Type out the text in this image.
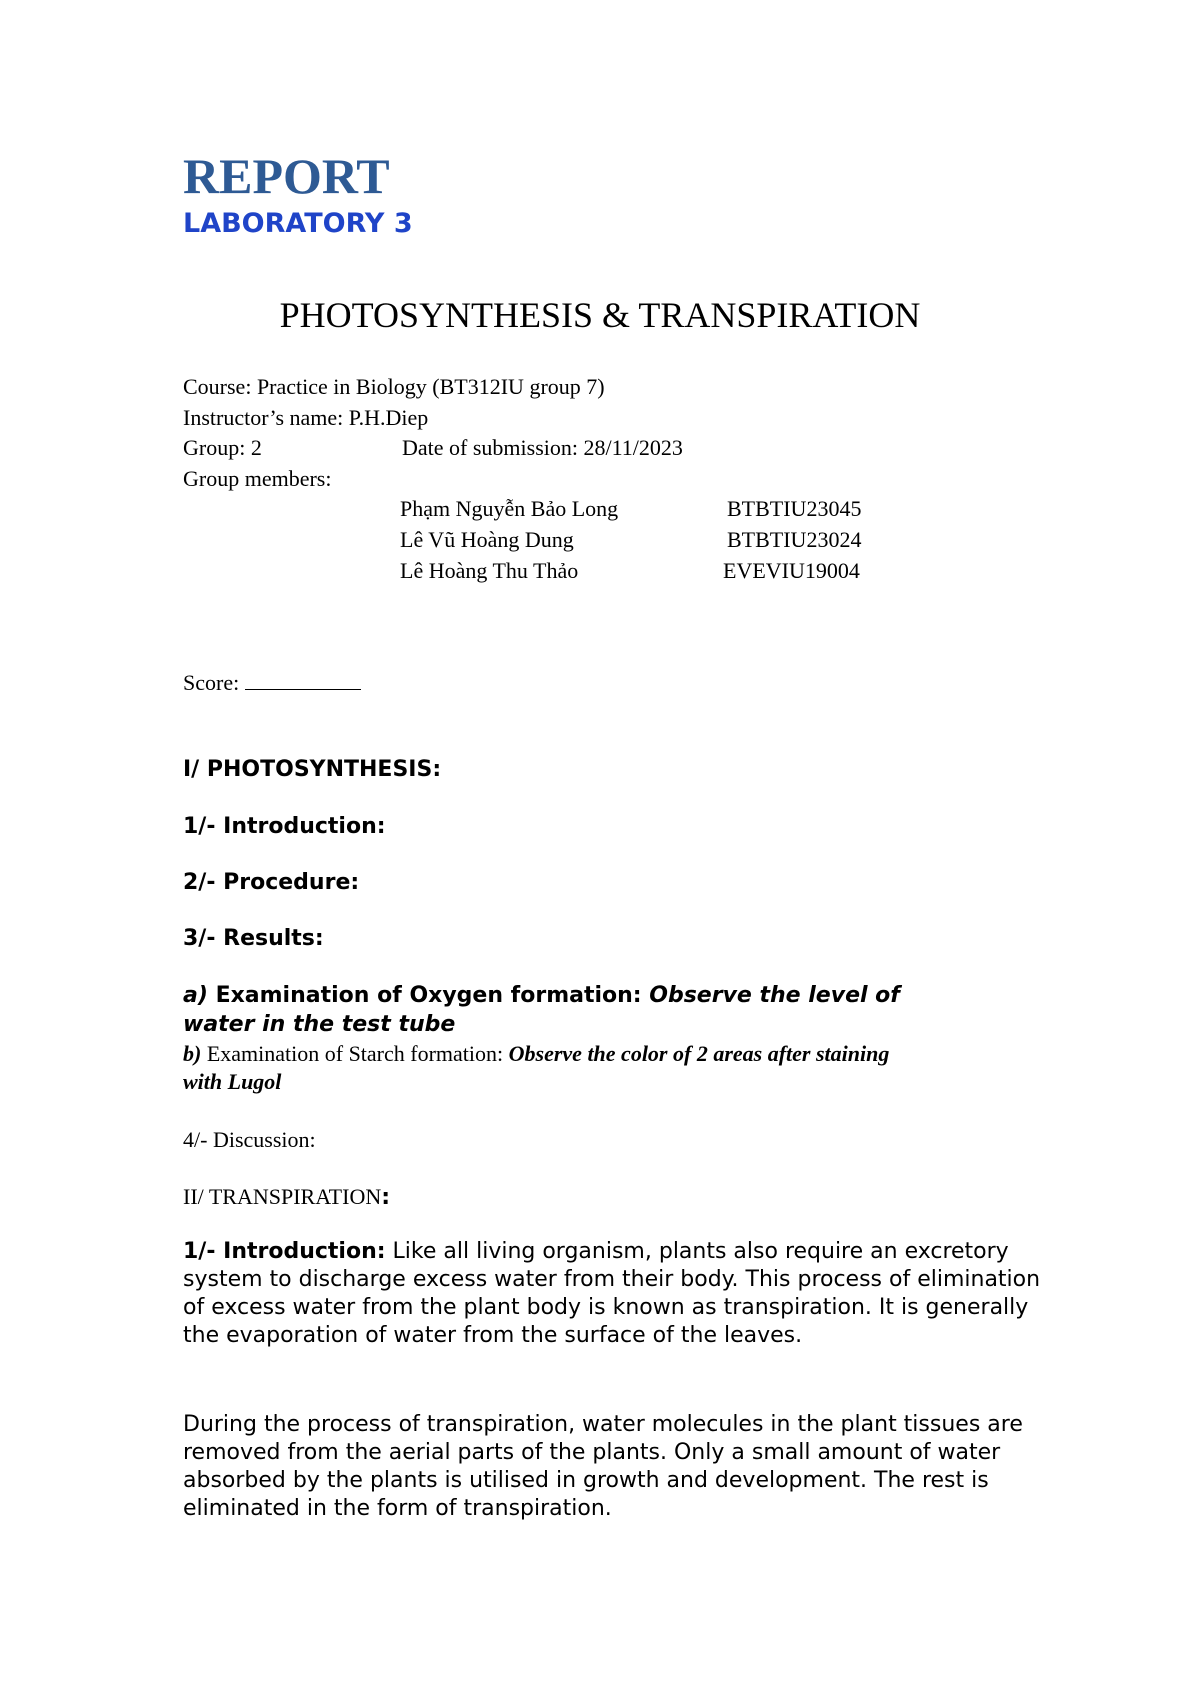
REPORT
LABORATORY 3
PHOTOSYNTHESIS & TRANSPIRATION
Course: Practice in Biology (BT312IU group 7)
Instructor’s name: P.H.Diep
Group: 2	Date of submission: 28/11/2023
Group members:
Phạm Nguyễn Bảo Long	BTBTIU23045
Lê Vũ Hoàng Dung	BTBTIU23024
Lê Hoàng Thu Thảo	EVEVIU19004
Score:
I/ PHOTOSYNTHESIS:
1/- Introduction:
2/- Procedure:
3/- Results:
a) Examination of Oxygen formation: Observe the level of
water in the test tube
b) Examination of Starch formation: Observe the color of 2 areas after staining
with Lugol
4/- Discussion:
II/ TRANSPIRATION:
1/- Introduction: Like all living organism, plants also require an excretory system to discharge excess water from their body. This process of elimination of excess water from the plant body is known as transpiration. It is generally the evaporation of water from the surface of the leaves.
During the process of transpiration, water molecules in the plant tissues are removed from the aerial parts of the plants. Only a small amount of water absorbed by the plants is utilised in growth and development. The rest is eliminated in the form of transpiration.
